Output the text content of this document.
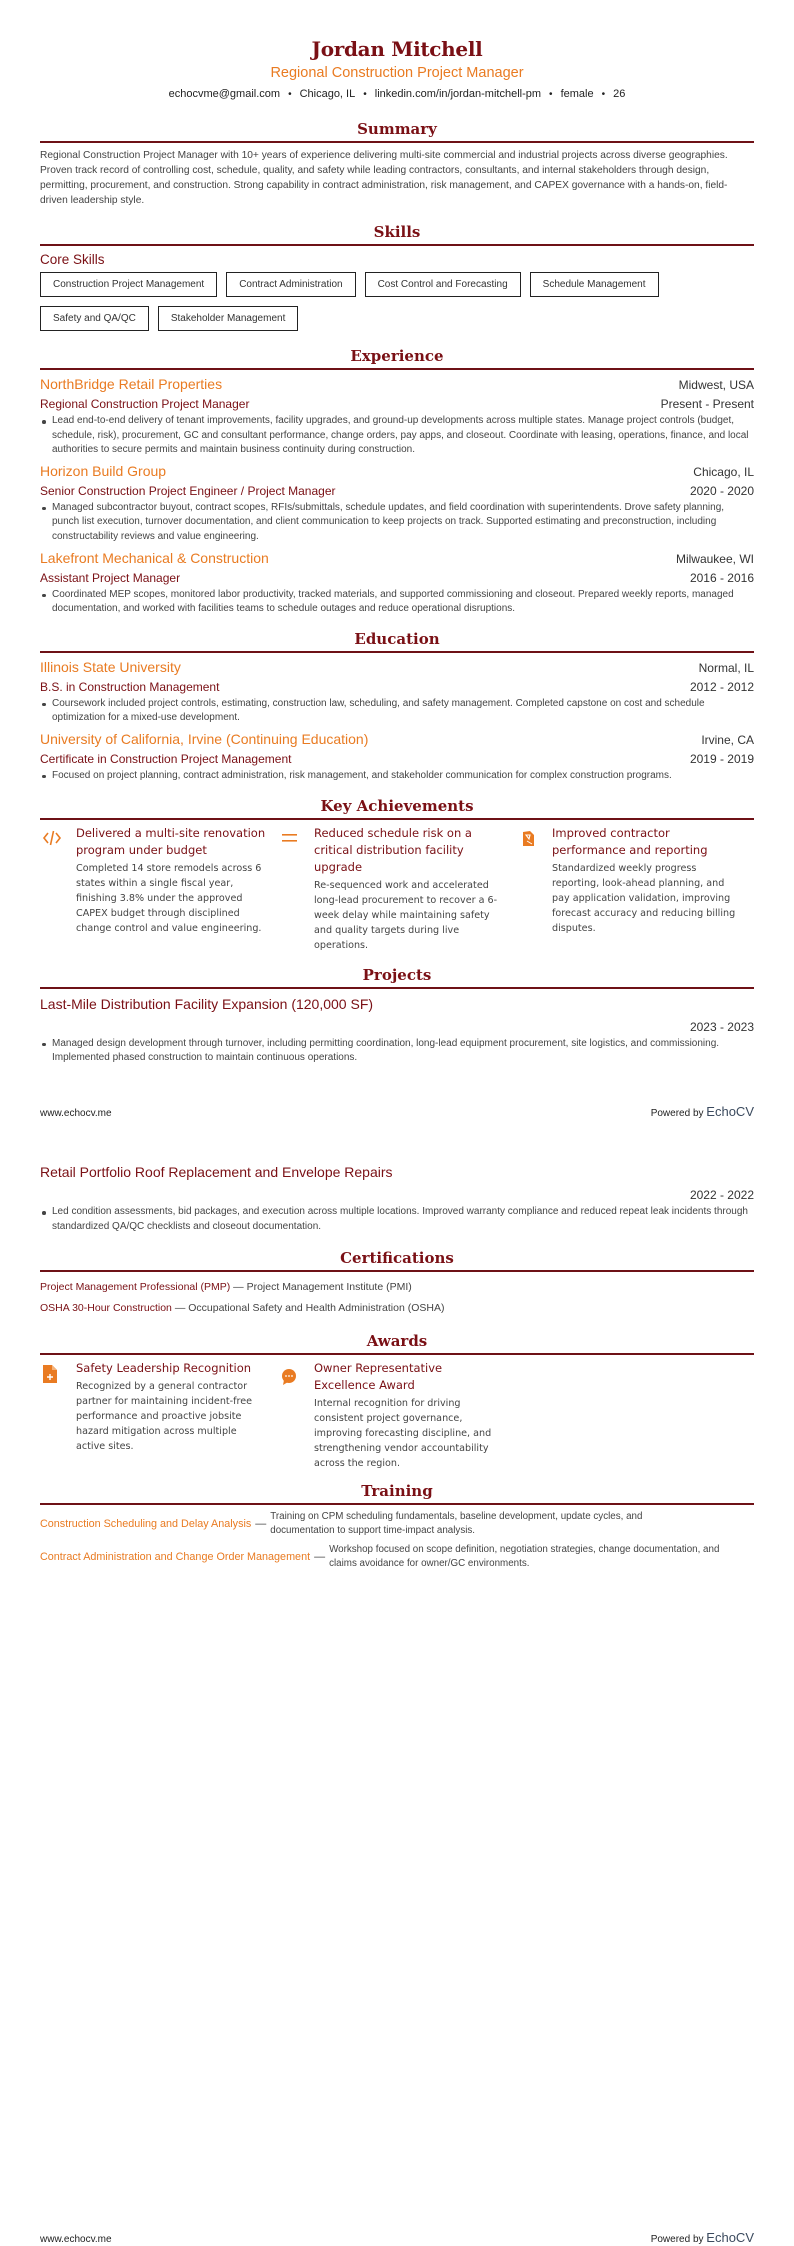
Jordan Mitchell
Regional Construction Project Manager
echocvme@gmail.com • Chicago, IL • linkedin.com/in/jordan-mitchell-pm • female • 26
Summary

Regional Construction Project Manager with 10+ years of experience delivering multi-site commercial and industrial projects across diverse geographies. Proven track record of controlling cost, schedule, quality, and safety while leading contractors, consultants, and internal stakeholders through design, permitting, procurement, and construction. Strong capability in contract administration, risk management, and CAPEX governance with a hands-on, field-driven leadership style.

Skills
Core Skills
Construction Project Management	Contract Administration	Cost Control and Forecasting	Schedule Management
Safety and QA/QC	Stakeholder Management
Experience
NorthBridge Retail Properties	Midwest, USA
Regional Construction Project Manager	Present - Present
Lead end-to-end delivery of tenant improvements, facility upgrades, and ground-up developments across multiple states. Manage project controls (budget, schedule, risk), procurement, GC and consultant performance, change orders, pay apps, and closeout. Coordinate with leasing, operations, finance, and local authorities to secure permits and maintain business continuity during construction.
Horizon Build Group	Chicago, IL
Senior Construction Project Engineer / Project Manager	2020 - 2020
Managed subcontractor buyout, contract scopes, RFIs/submittals, schedule updates, and field coordination with superintendents. Drove safety planning, punch list execution, turnover documentation, and client communication to keep projects on track. Supported estimating and preconstruction, including constructability reviews and value engineering.
Lakefront Mechanical & Construction	Milwaukee, WI
Assistant Project Manager	2016 - 2016
Coordinated MEP scopes, monitored labor productivity, tracked materials, and supported commissioning and closeout. Prepared weekly reports, managed documentation, and worked with facilities teams to schedule outages and reduce operational disruptions.
Education
Illinois State University	Normal, IL
B.S. in Construction Management	2012 - 2012
Coursework included project controls, estimating, construction law, scheduling, and safety management. Completed capstone on cost and schedule optimization for a mixed-use development.
University of California, Irvine (Continuing Education)	Irvine, CA
Certificate in Construction Project Management	2019 - 2019
Focused on project planning, contract administration, risk management, and stakeholder communication for complex construction programs.
Key Achievements
Delivered a multi-site renovation program under budget
Completed 14 store remodels across 6 states within a single fiscal year, finishing 3.8% under the approved CAPEX budget through disciplined change control and value engineering.
Reduced schedule risk on a critical distribution facility upgrade
Re-sequenced work and accelerated long-lead procurement to recover a 6-week delay while maintaining safety and quality targets during live operations.
Improved contractor performance and reporting
Standardized weekly progress reporting, look-ahead planning, and pay application validation, improving forecast accuracy and reducing billing disputes.
Projects
Last-Mile Distribution Facility Expansion (120,000 SF)
2023 - 2023
Managed design development through turnover, including permitting coordination, long-lead equipment procurement, site logistics, and commissioning. Implemented phased construction to maintain continuous operations.
www.echocv.me	Powered by EchoCV
Retail Portfolio Roof Replacement and Envelope Repairs
2022 - 2022
Led condition assessments, bid packages, and execution across multiple locations. Improved warranty compliance and reduced repeat leak incidents through standardized QA/QC checklists and closeout documentation.
Certifications
Project Management Professional (PMP) — Project Management Institute (PMI)
OSHA 30-Hour Construction — Occupational Safety and Health Administration (OSHA)
Awards
Safety Leadership Recognition
Recognized by a general contractor partner for maintaining incident-free performance and proactive jobsite hazard mitigation across multiple active sites.
Owner Representative Excellence Award
Internal recognition for driving consistent project governance, improving forecasting discipline, and strengthening vendor accountability across the region.
Training
Construction Scheduling and Delay Analysis —
Training on CPM scheduling fundamentals, baseline development, update cycles, and documentation to support time-impact analysis.
Contract Administration and Change Order Management —
Workshop focused on scope definition, negotiation strategies, change documentation, and claims avoidance for owner/GC environments.
www.echocv.me	Powered by EchoCV
